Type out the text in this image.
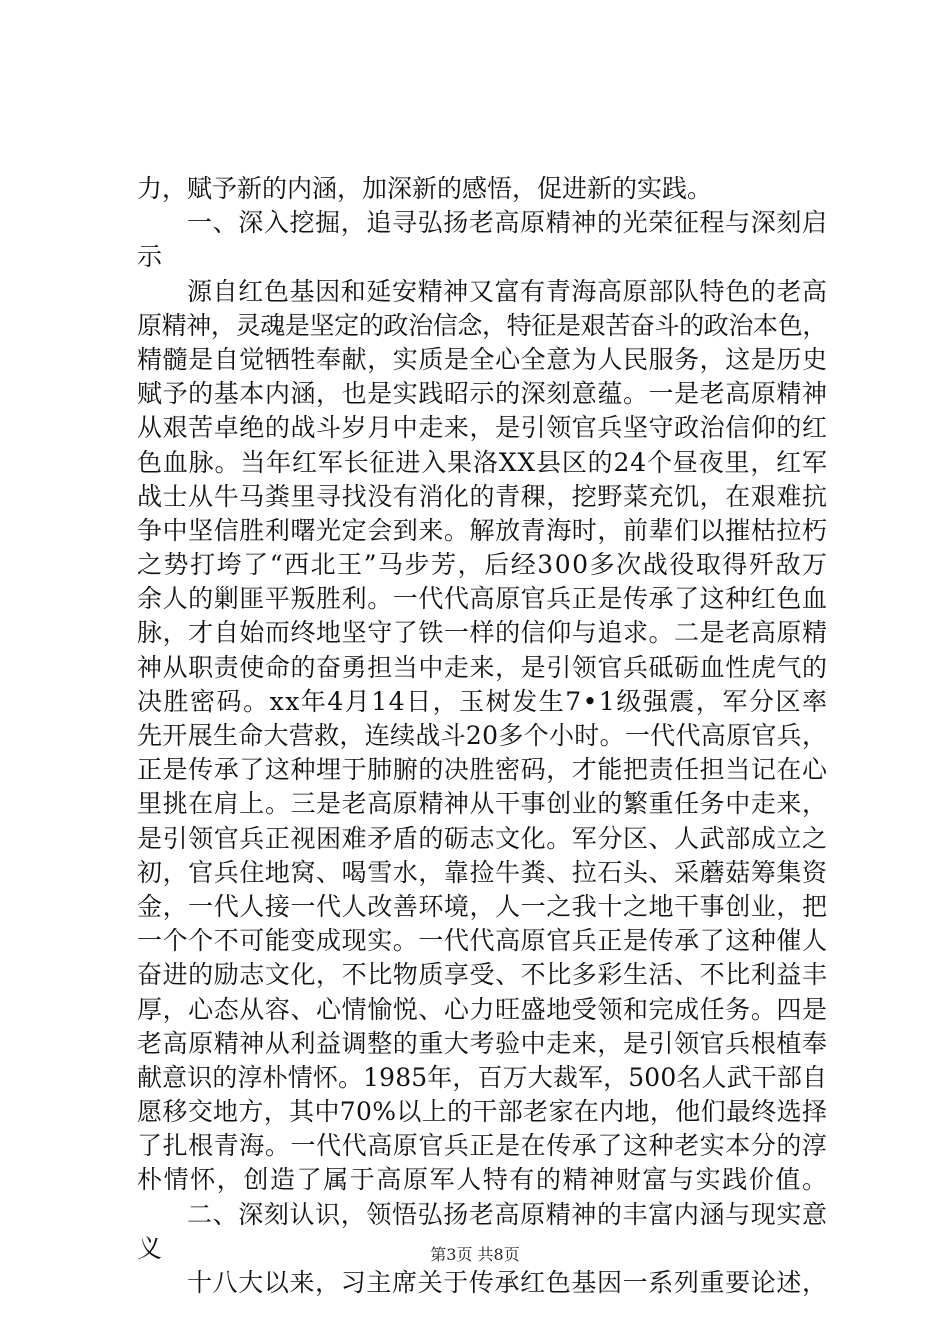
力，赋予新的内涵，加深新的感悟，促进新的实践。
一、深入挖掘，追寻弘扬老高原精神的光荣征程与深刻启
示
源自红色基因和延安精神又富有青海高原部队特色的老高
原精神，灵魂是坚定的政治信念，特征是艰苦奋斗的政治本色，
精髓是自觉牺牲奉献，实质是全心全意为人民服务，这是历史
赋予的基本内涵，也是实践昭示的深刻意蕴。一是老高原精神
从艰苦卓绝的战斗岁月中走来，是引领官兵坚守政治信仰的红
色血脉。当年红军长征进入果洛XX县区的24个昼夜里，红军
战士从牛马粪里寻找没有消化的青稞，挖野菜充饥，在艰难抗
争中坚信胜利曙光定会到来。解放青海时，前辈们以摧枯拉朽
之势打垮了“西北王”马步芳，后经300多次战役取得歼敌万
余人的剿匪平叛胜利。一代代高原官兵正是传承了这种红色血
脉，才自始而终地坚守了铁一样的信仰与追求。二是老高原精
神从职责使命的奋勇担当中走来，是引领官兵砥砺血性虎气的
决胜密码。xx年4月14日，玉树发生7•1级强震，军分区率
先开展生命大营救，连续战斗20多个小时。一代代高原官兵，
正是传承了这种埋于肺腑的决胜密码，才能把责任担当记在心
里挑在肩上。三是老高原精神从干事创业的繁重任务中走来，
是引领官兵正视困难矛盾的砺志文化。军分区、人武部成立之
初，官兵住地窝、喝雪水，靠捡牛粪、拉石头、采蘑菇筹集资
金，一代人接一代人改善环境，人一之我十之地干事创业，把
一个个不可能变成现实。一代代高原官兵正是传承了这种催人
奋进的励志文化，不比物质享受、不比多彩生活、不比利益丰
厚，心态从容、心情愉悦、心力旺盛地受领和完成任务。四是
老高原精神从利益调整的重大考验中走来，是引领官兵根植奉
献意识的淳朴情怀。1985年，百万大裁军，500名人武干部自
愿移交地方，其中70%以上的干部老家在内地，他们最终选择
了扎根青海。一代代高原官兵正是在传承了这种老实本分的淳
朴情怀，创造了属于高原军人特有的精神财富与实践价值。
二、深刻认识，领悟弘扬老高原精神的丰富内涵与现实意
义
十八大以来，习主席关于传承红色基因一系列重要论述，
第3页 共8页
